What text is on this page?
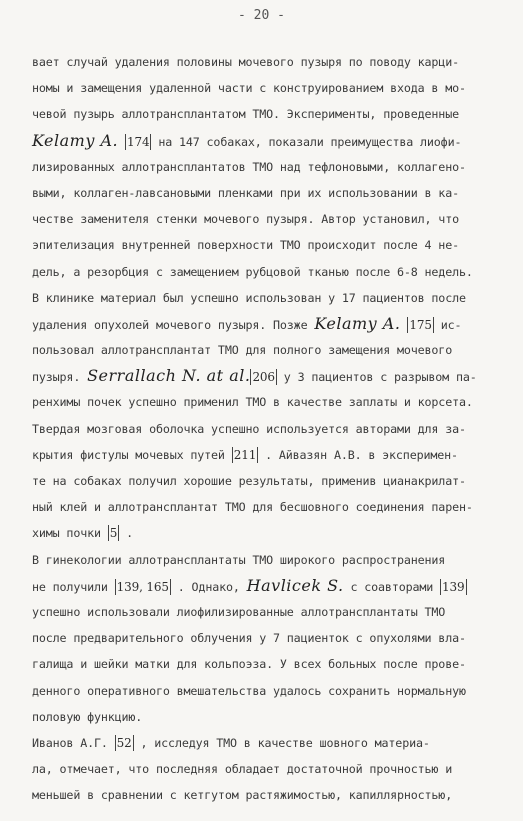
- 20 -
вает случай удаления половины мочевого пузыря по поводу карци-
номы и замещения удаленной части с конструированием входа в мо-
чевой пузырь аллотрансплантатом ТМО. Эксперименты, проведенные
Kelamy A. 174 на 147 собаках, показали преимущества лиофи-
лизированных аллотрансплантатов ТМО над тефлоновыми, коллагено-
выми, коллаген-лавсановыми пленками при их использовании в ка-
честве заменителя стенки мочевого пузыря. Автор установил, что
эпителизация внутренней поверхности ТМО происходит после 4 не-
дель, а резорбция с замещением рубцовой тканью после 6-8 недель.
В клинике материал был успешно использован у 17 пациентов после
удаления опухолей мочевого пузыря. Позже Kelamy A. 175 ис-
пользовал аллотрансплантат ТМО для полного замещения мочевого
пузыря. Serrallach N. at al. 206 у 3 пациентов с разрывом па-
ренхимы почек успешно применил ТМО в качестве заплаты и корсета.
Твердая мозговая оболочка успешно используется авторами для за-
крытия фистулы мочевых путей 211 . Айвазян А.В. в эксперимен-
те на собаках получил хорошие результаты, применив цианакрилат-
ный клей и аллотрансплантат ТМО для бесшовного соединения парен-
химы почки 5 .
В гинекологии аллотрансплантаты ТМО широкого распространения
не получили 139, 165 . Однако, Havlicek S. с соавторами 139
успешно использовали лиофилизированные аллотрансплантаты ТМО
после предварительного облучения у 7 пациенток с опухолями вла-
галища и шейки матки для кольпоэза. У всех больных после прове-
денного оперативного вмешательства удалось сохранить нормальную
половую функцию.
Иванов А.Г. 52 , исследуя ТМО в качестве шовного материа-
ла, отмечает, что последняя обладает достаточной прочностью и
меньшей в сравнении с кетгутом растяжимостью, капиллярностью,
